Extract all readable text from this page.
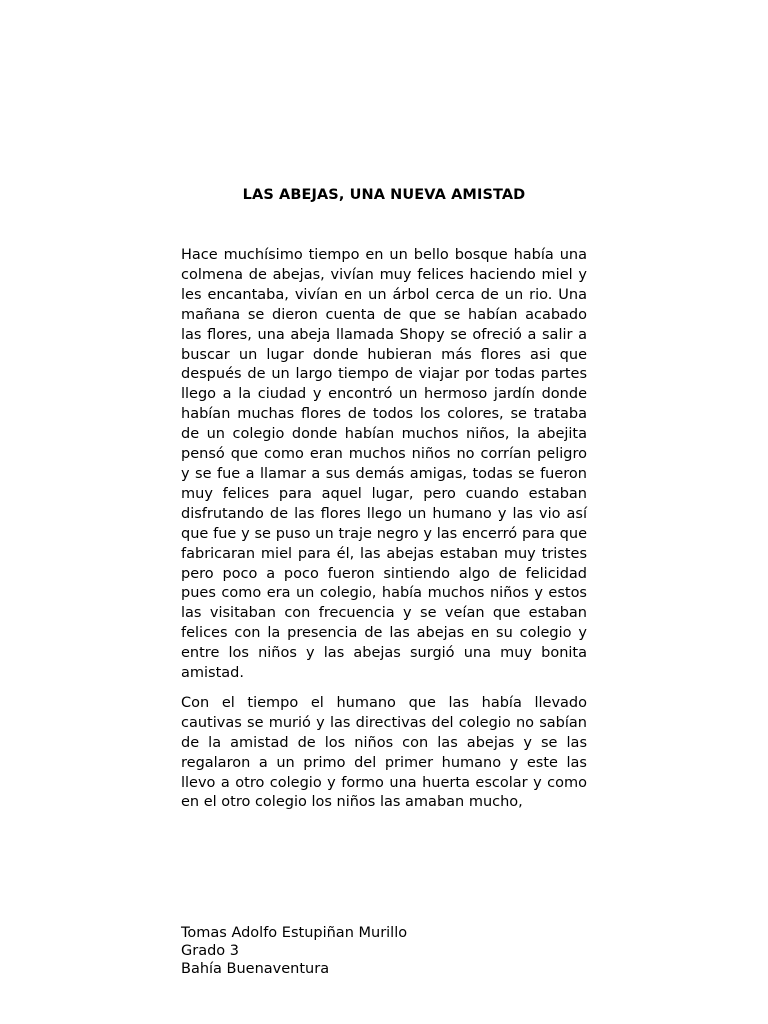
LAS ABEJAS, UNA NUEVA AMISTAD

Hace muchísimo tiempo en un bello bosque había una colmena de abejas, vivían muy felices haciendo miel y les encantaba, vivían en un árbol cerca de un rio. Una mañana se dieron cuenta de que se habían acabado las flores, una abeja llamada Shopy se ofreció a salir a buscar un lugar donde hubieran más flores asi que después de un largo tiempo de viajar por todas partes llego a la ciudad y encontró un hermoso jardín donde habían muchas flores de todos los colores, se trataba de un colegio donde habían muchos niños, la abejita pensó que como eran muchos niños no corrían peligro y se fue a llamar a sus demás amigas, todas se fueron muy felices para aquel lugar, pero cuando estaban disfrutando de las flores llego un humano y las vio así que fue y se puso un traje negro y las encerró para que fabricaran miel para él, las abejas estaban muy tristes pero poco a poco fueron sintiendo algo de felicidad pues como era un colegio, había muchos niños y estos las visitaban con frecuencia y se veían que estaban felices con la presencia de las abejas en su colegio y entre los niños y las abejas surgió una muy bonita amistad.

Con el tiempo el humano que las había llevado cautivas se murió y las directivas del colegio no sabían de la amistad de los niños con las abejas y se las regalaron a un primo del primer humano y este las llevo a otro colegio y formo una huerta escolar y como en el otro colegio los niños las amaban mucho,

Tomas Adolfo Estupiñan Murillo
Grado 3
Bahía Buenaventura
